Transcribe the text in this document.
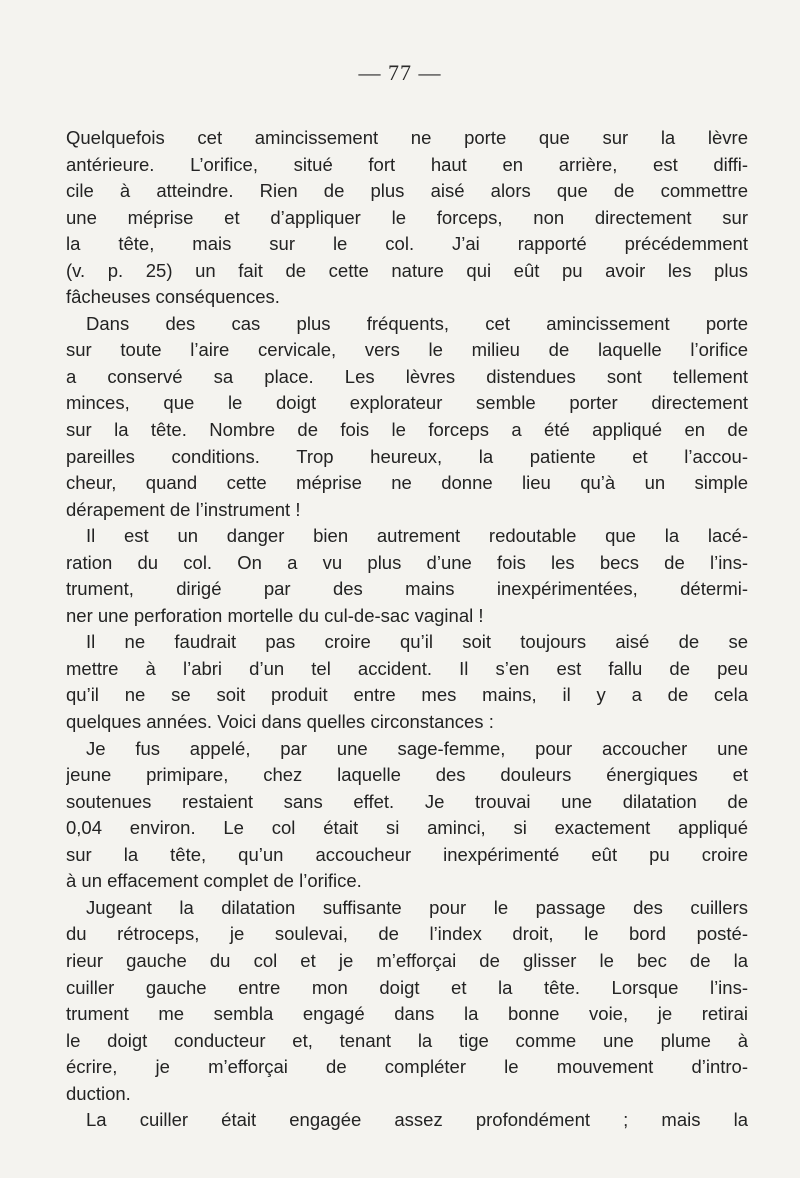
— 77 —
Quelquefois cet amincissement ne porte que sur la lèvre
antérieure. L’orifice, situé fort haut en arrière, est diffi-
cile à atteindre. Rien de plus aisé alors que de commettre
une méprise et d’appliquer le forceps, non directement sur
la tête, mais sur le col. J’ai rapporté précédemment
(v. p. 25) un fait de cette nature qui eût pu avoir les plus
fâcheuses conséquences.
Dans des cas plus fréquents, cet amincissement porte
sur toute l’aire cervicale, vers le milieu de laquelle l’orifice
a conservé sa place. Les lèvres distendues sont tellement
minces, que le doigt explorateur semble porter directement
sur la tête. Nombre de fois le forceps a été appliqué en de
pareilles conditions. Trop heureux, la patiente et l’accou-
cheur, quand cette méprise ne donne lieu qu’à un simple
dérapement de l’instrument !
Il est un danger bien autrement redoutable que la lacé-
ration du col. On a vu plus d’une fois les becs de l’ins-
trument, dirigé par des mains inexpérimentées, détermi-
ner une perforation mortelle du cul-de-sac vaginal !
Il ne faudrait pas croire qu’il soit toujours aisé de se
mettre à l’abri d’un tel accident. Il s’en est fallu de peu
qu’il ne se soit produit entre mes mains, il y a de cela
quelques années. Voici dans quelles circonstances :
Je fus appelé, par une sage-femme, pour accoucher une
jeune primipare, chez laquelle des douleurs énergiques et
soutenues restaient sans effet. Je trouvai une dilatation de
0,04 environ. Le col était si aminci, si exactement appliqué
sur la tête, qu’un accoucheur inexpérimenté eût pu croire
à un effacement complet de l’orifice.
Jugeant la dilatation suffisante pour le passage des cuillers
du rétroceps, je soulevai, de l’index droit, le bord posté-
rieur gauche du col et je m’efforçai de glisser le bec de la
cuiller gauche entre mon doigt et la tête. Lorsque l’ins-
trument me sembla engagé dans la bonne voie, je retirai
le doigt conducteur et, tenant la tige comme une plume à
écrire, je m’efforçai de compléter le mouvement d’intro-
duction.
La cuiller était engagée assez profondément ; mais la
